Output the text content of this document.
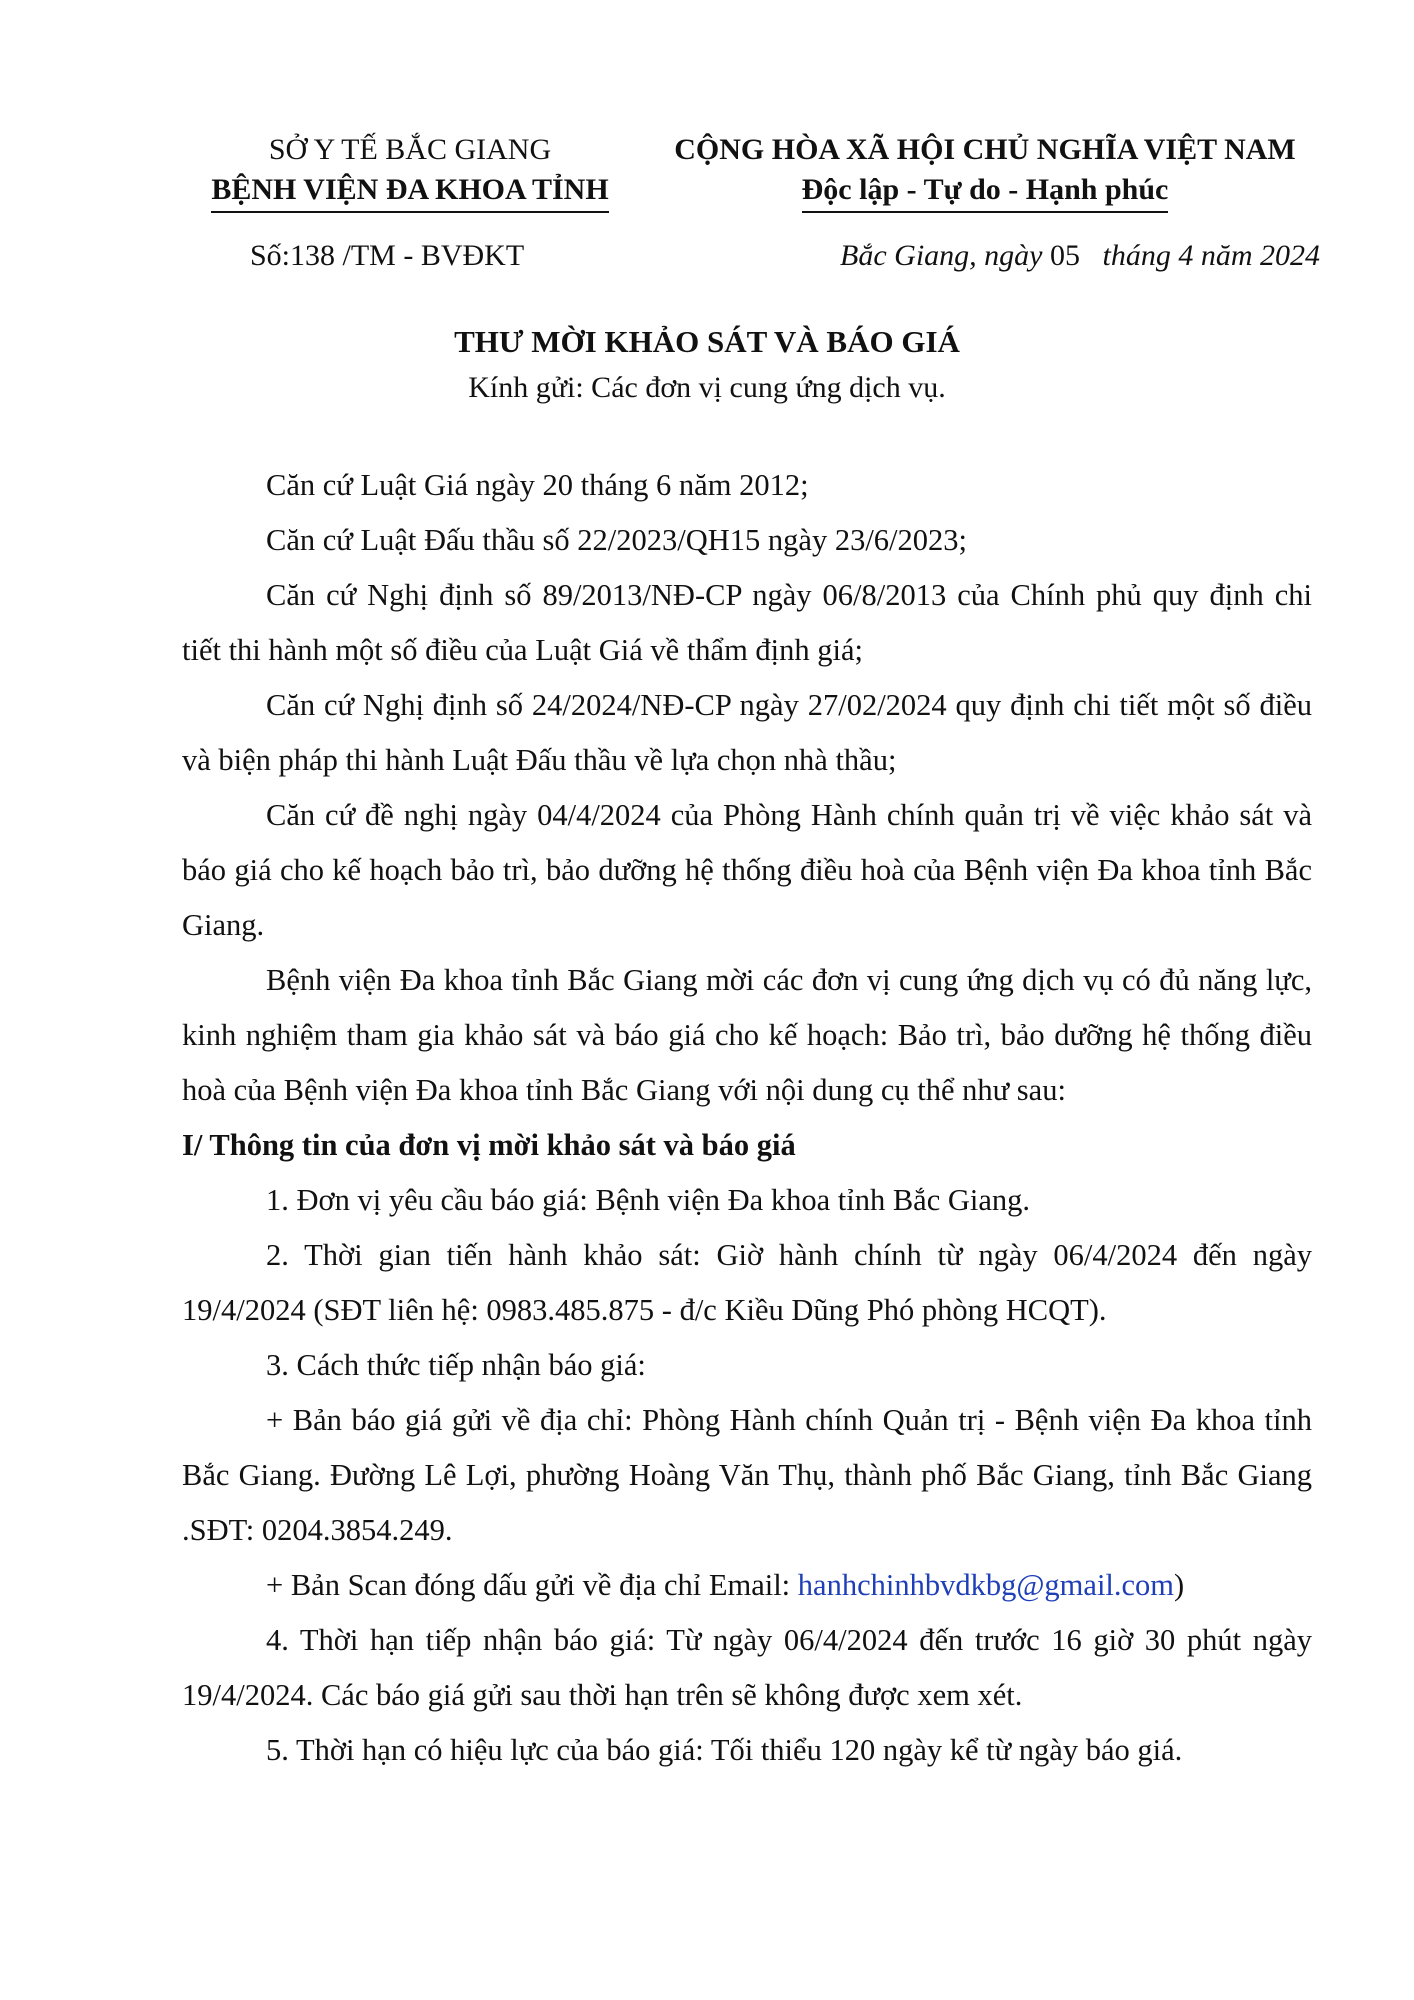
SỞ Y TẾ BẮC GIANG
BỆNH VIỆN ĐA KHOA TỈNH
CỘNG HÒA XÃ HỘI CHỦ NGHĨA VIỆT NAM
Độc lập - Tự do - Hạnh phúc
Số:138 /TM - BVĐKT	Bắc Giang, ngày 05 tháng 4 năm 2024
THƯ MỜI KHẢO SÁT VÀ BÁO GIÁ
Kính gửi: Các đơn vị cung ứng dịch vụ.

Căn cứ Luật Giá ngày 20 tháng 6 năm 2012;

Căn cứ Luật Đấu thầu số 22/2023/QH15 ngày 23/6/2023;

Căn cứ Nghị định số 89/2013/NĐ-CP ngày 06/8/2013 của Chính phủ quy định chi tiết thi hành một số điều của Luật Giá về thẩm định giá;

Căn cứ Nghị định số 24/2024/NĐ-CP ngày 27/02/2024 quy định chi tiết một số điều và biện pháp thi hành Luật Đấu thầu về lựa chọn nhà thầu;

Căn cứ đề nghị ngày 04/4/2024 của Phòng Hành chính quản trị về việc khảo sát và báo giá cho kế hoạch bảo trì, bảo dưỡng hệ thống điều hoà của Bệnh viện Đa khoa tỉnh Bắc Giang.

Bệnh viện Đa khoa tỉnh Bắc Giang mời các đơn vị cung ứng dịch vụ có đủ năng lực, kinh nghiệm tham gia khảo sát và báo giá cho kế hoạch: Bảo trì, bảo dưỡng hệ thống điều hoà của Bệnh viện Đa khoa tỉnh Bắc Giang với nội dung cụ thể như sau:

I/ Thông tin của đơn vị mời khảo sát và báo giá

1. Đơn vị yêu cầu báo giá: Bệnh viện Đa khoa tỉnh Bắc Giang.

2. Thời gian tiến hành khảo sát: Giờ hành chính từ ngày 06/4/2024 đến ngày 19/4/2024 (SĐT liên hệ: 0983.485.875 - đ/c Kiều Dũng Phó phòng HCQT).

3. Cách thức tiếp nhận báo giá:

+ Bản báo giá gửi về địa chỉ: Phòng Hành chính Quản trị - Bệnh viện Đa khoa tỉnh Bắc Giang. Đường Lê Lợi, phường Hoàng Văn Thụ, thành phố Bắc Giang, tỉnh Bắc Giang .SĐT: 0204.3854.249.

+ Bản Scan đóng dấu gửi về địa chỉ Email: hanhchinhbvdkbg@gmail.com)

4. Thời hạn tiếp nhận báo giá: Từ ngày 06/4/2024 đến trước 16 giờ 30 phút ngày 19/4/2024. Các báo giá gửi sau thời hạn trên sẽ không được xem xét.

5. Thời hạn có hiệu lực của báo giá: Tối thiểu 120 ngày kể từ ngày báo giá.
